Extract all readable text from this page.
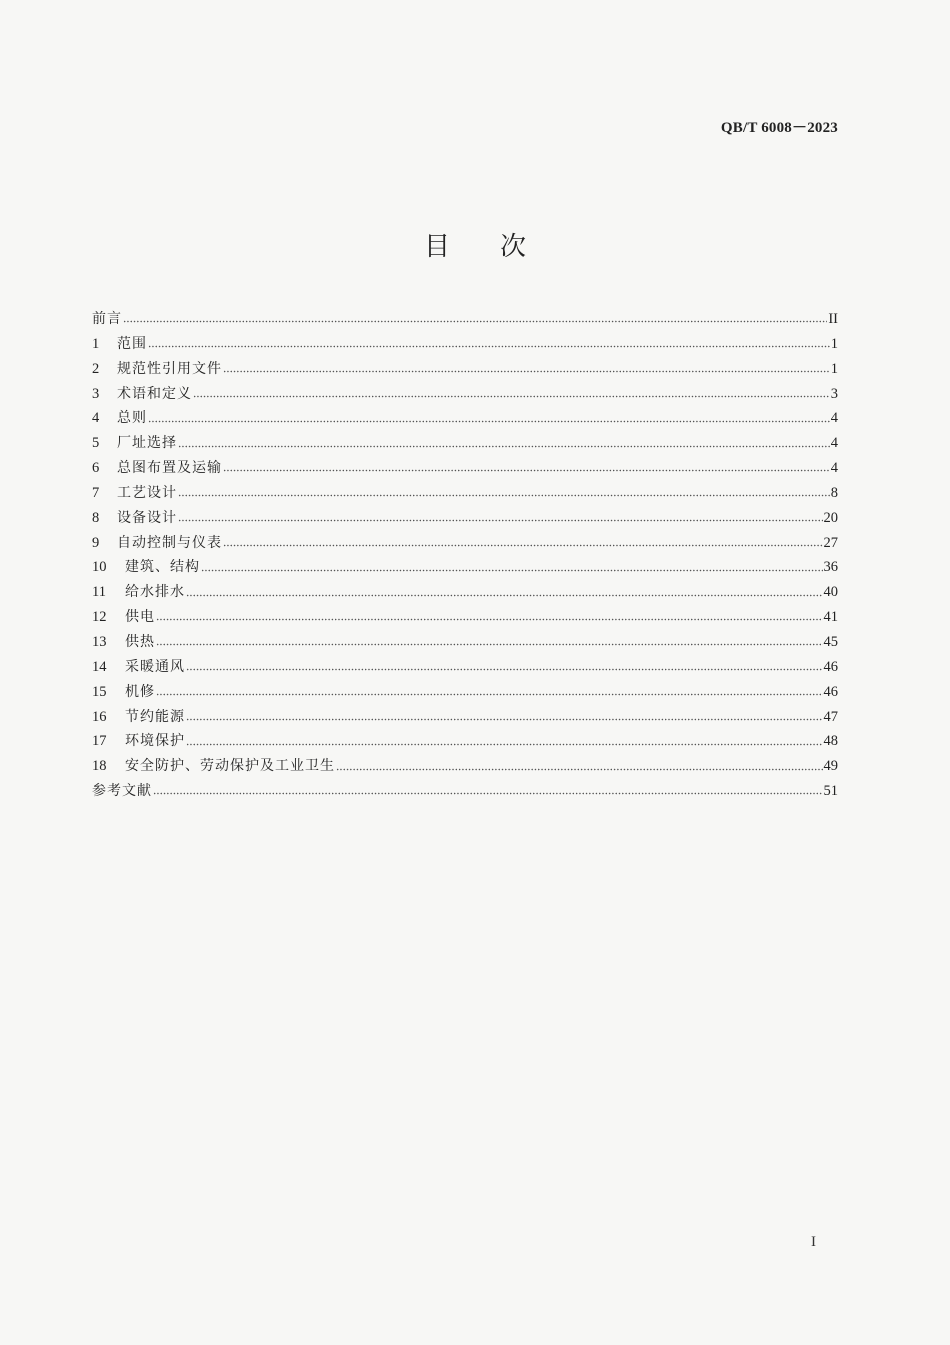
QB/T 6008－2023
目 次
前言	II
1	范围	1
2	规范性引用文件	1
3	术语和定义	3
4	总则	4
5	厂址选择	4
6	总图布置及运输	4
7	工艺设计	8
8	设备设计	20
9	自动控制与仪表	27
10	建筑、结构	36
11	给水排水	40
12	供电	41
13	供热	45
14	采暖通风	46
15	机修	46
16	节约能源	47
17	环境保护	48
18	安全防护、劳动保护及工业卫生	49
参考文献	51
I
